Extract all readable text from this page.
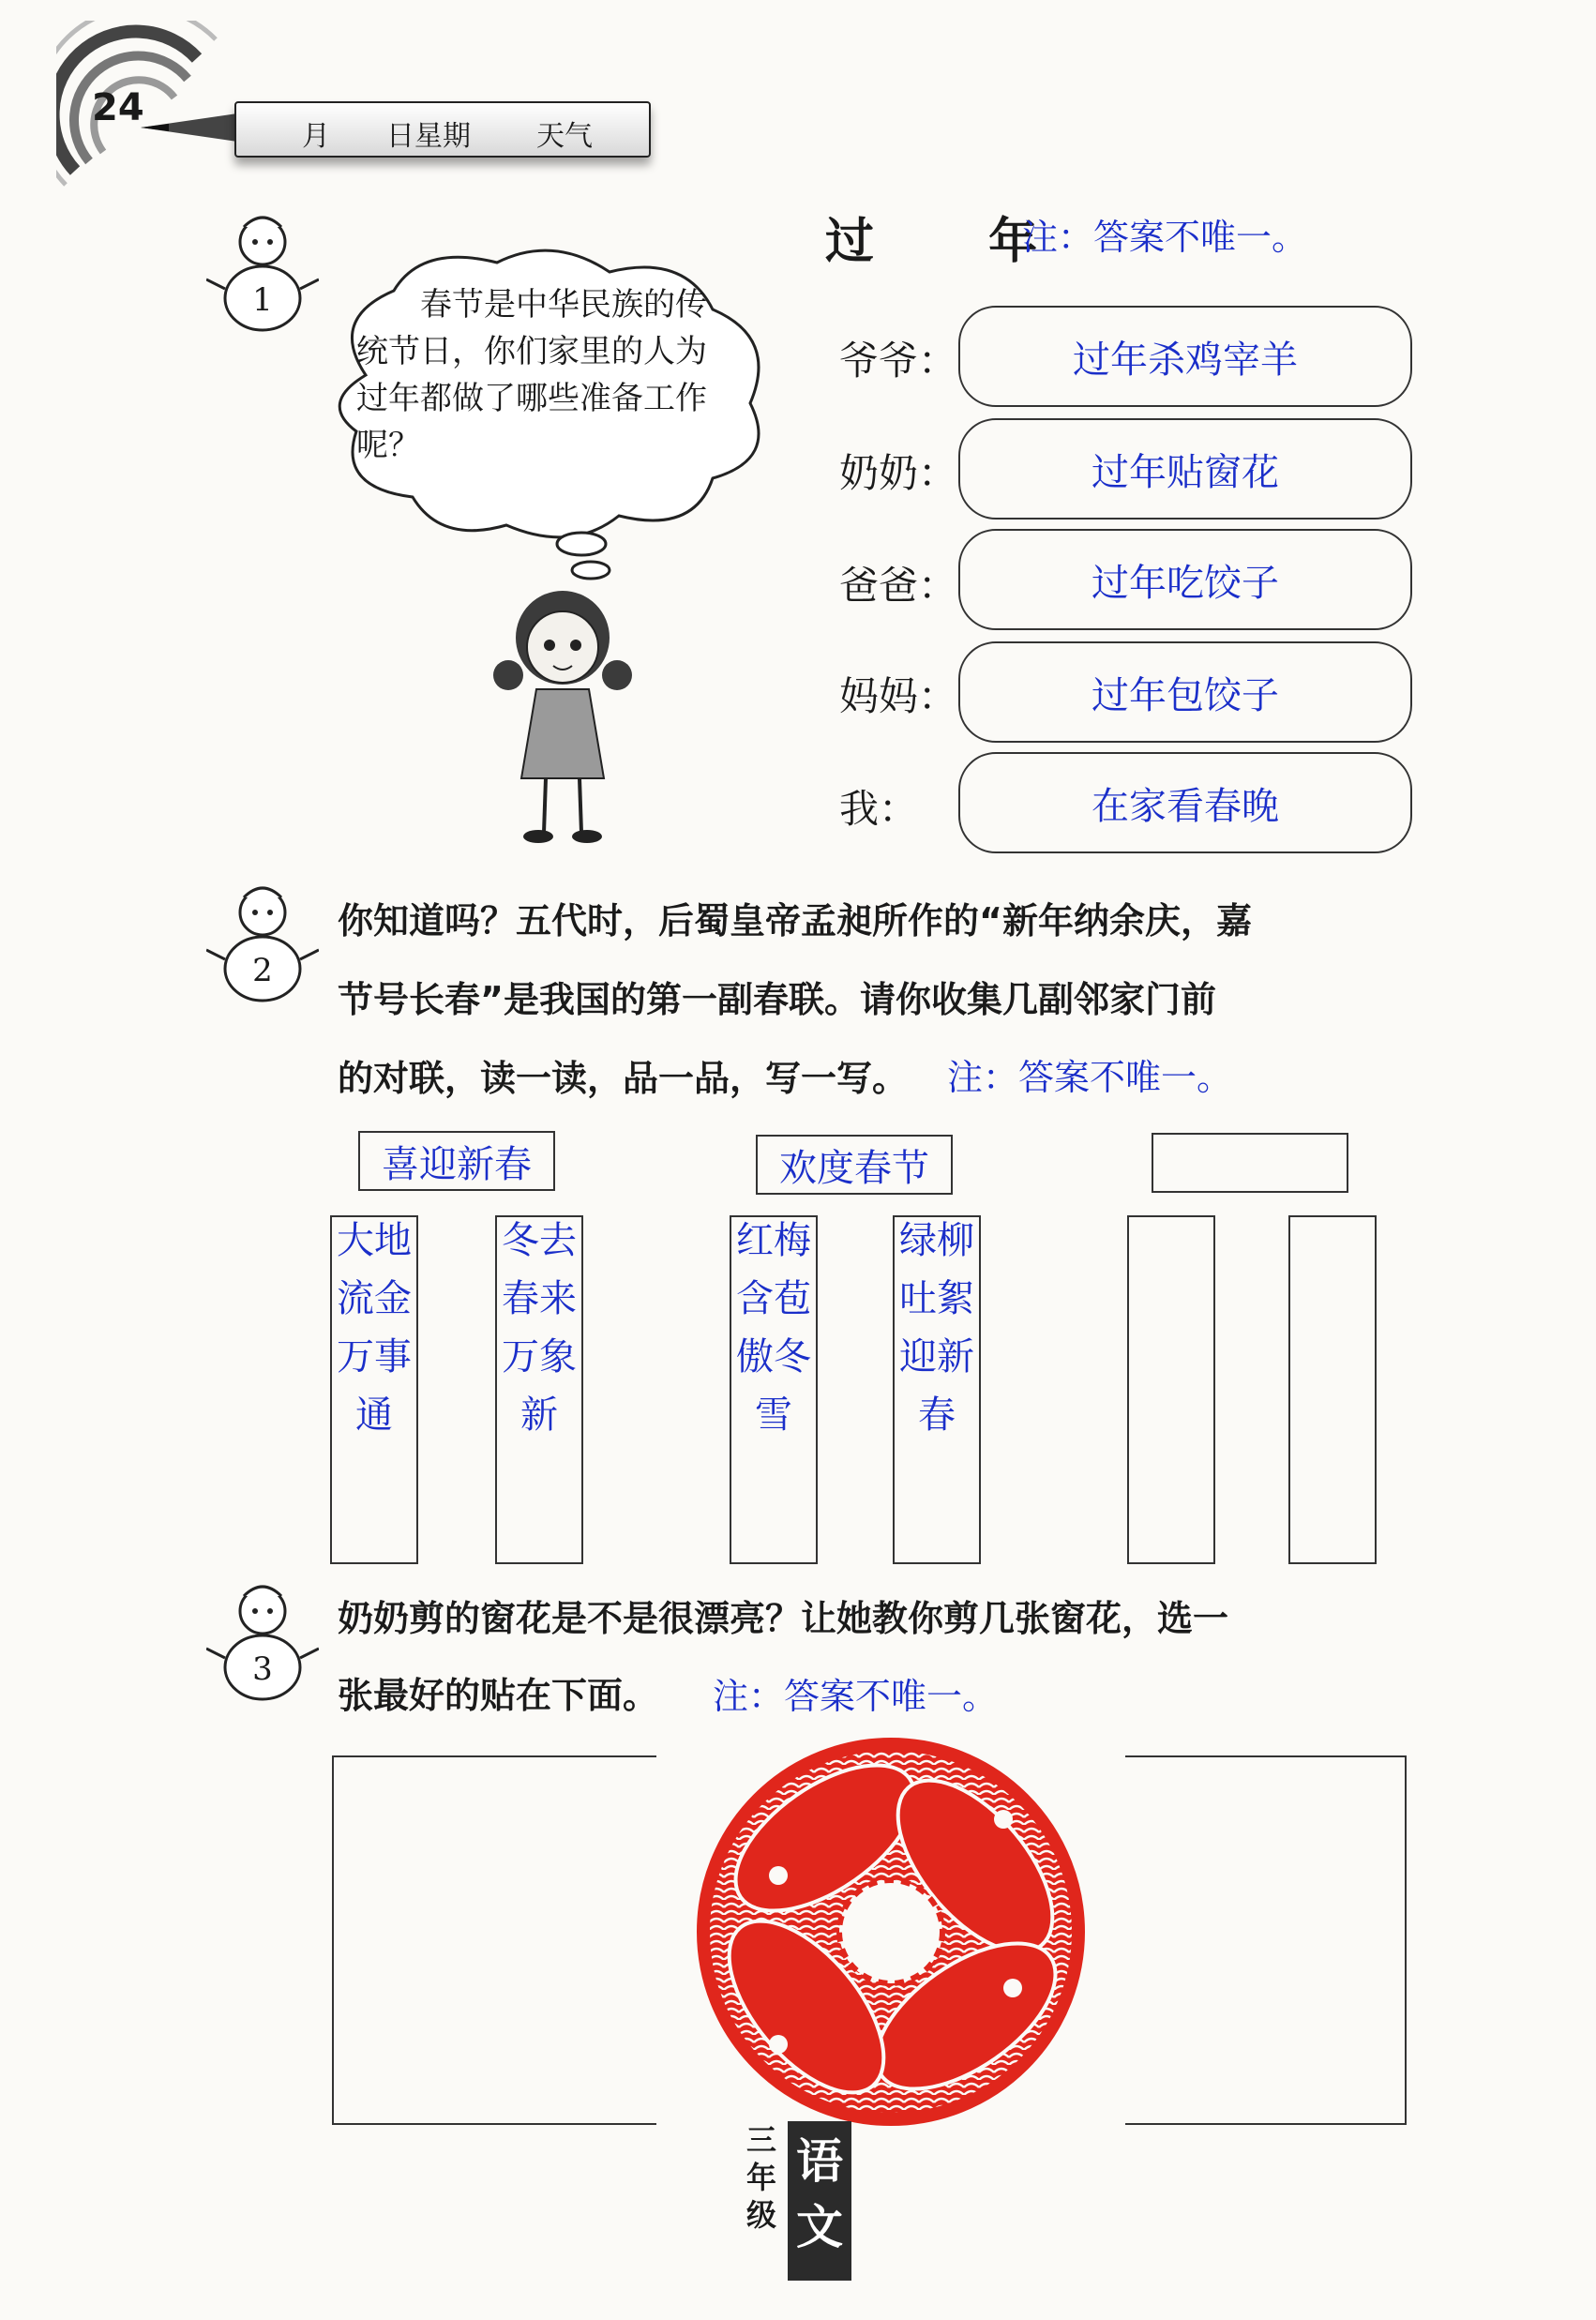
24
月 日星期 天气
1	春节是中华民族的传统节日，你们家里的人为过年都做了哪些准备工作呢？
过 年
注：答案不唯一。
爷爷：	过年杀鸡宰羊
奶奶：	过年贴窗花
爸爸：	过年吃饺子
妈妈：	过年包饺子
我：	在家看春晚
2
你知道吗？五代时，后蜀皇帝孟昶所作的“新年纳余庆，嘉
节号长春”是我国的第一副春联。请你收集几副邻家门前
的对联，读一读，品一品，写一写。 注：答案不唯一。
喜迎新春
大地流金万事通
冬去春来万象新
欢度春节
红梅含苞傲冬雪
绿柳吐絮迎新春
3
奶奶剪的窗花是不是很漂亮？让她教你剪几张窗花，选一
张最好的贴在下面。 注：答案不唯一。
三年级
语文
